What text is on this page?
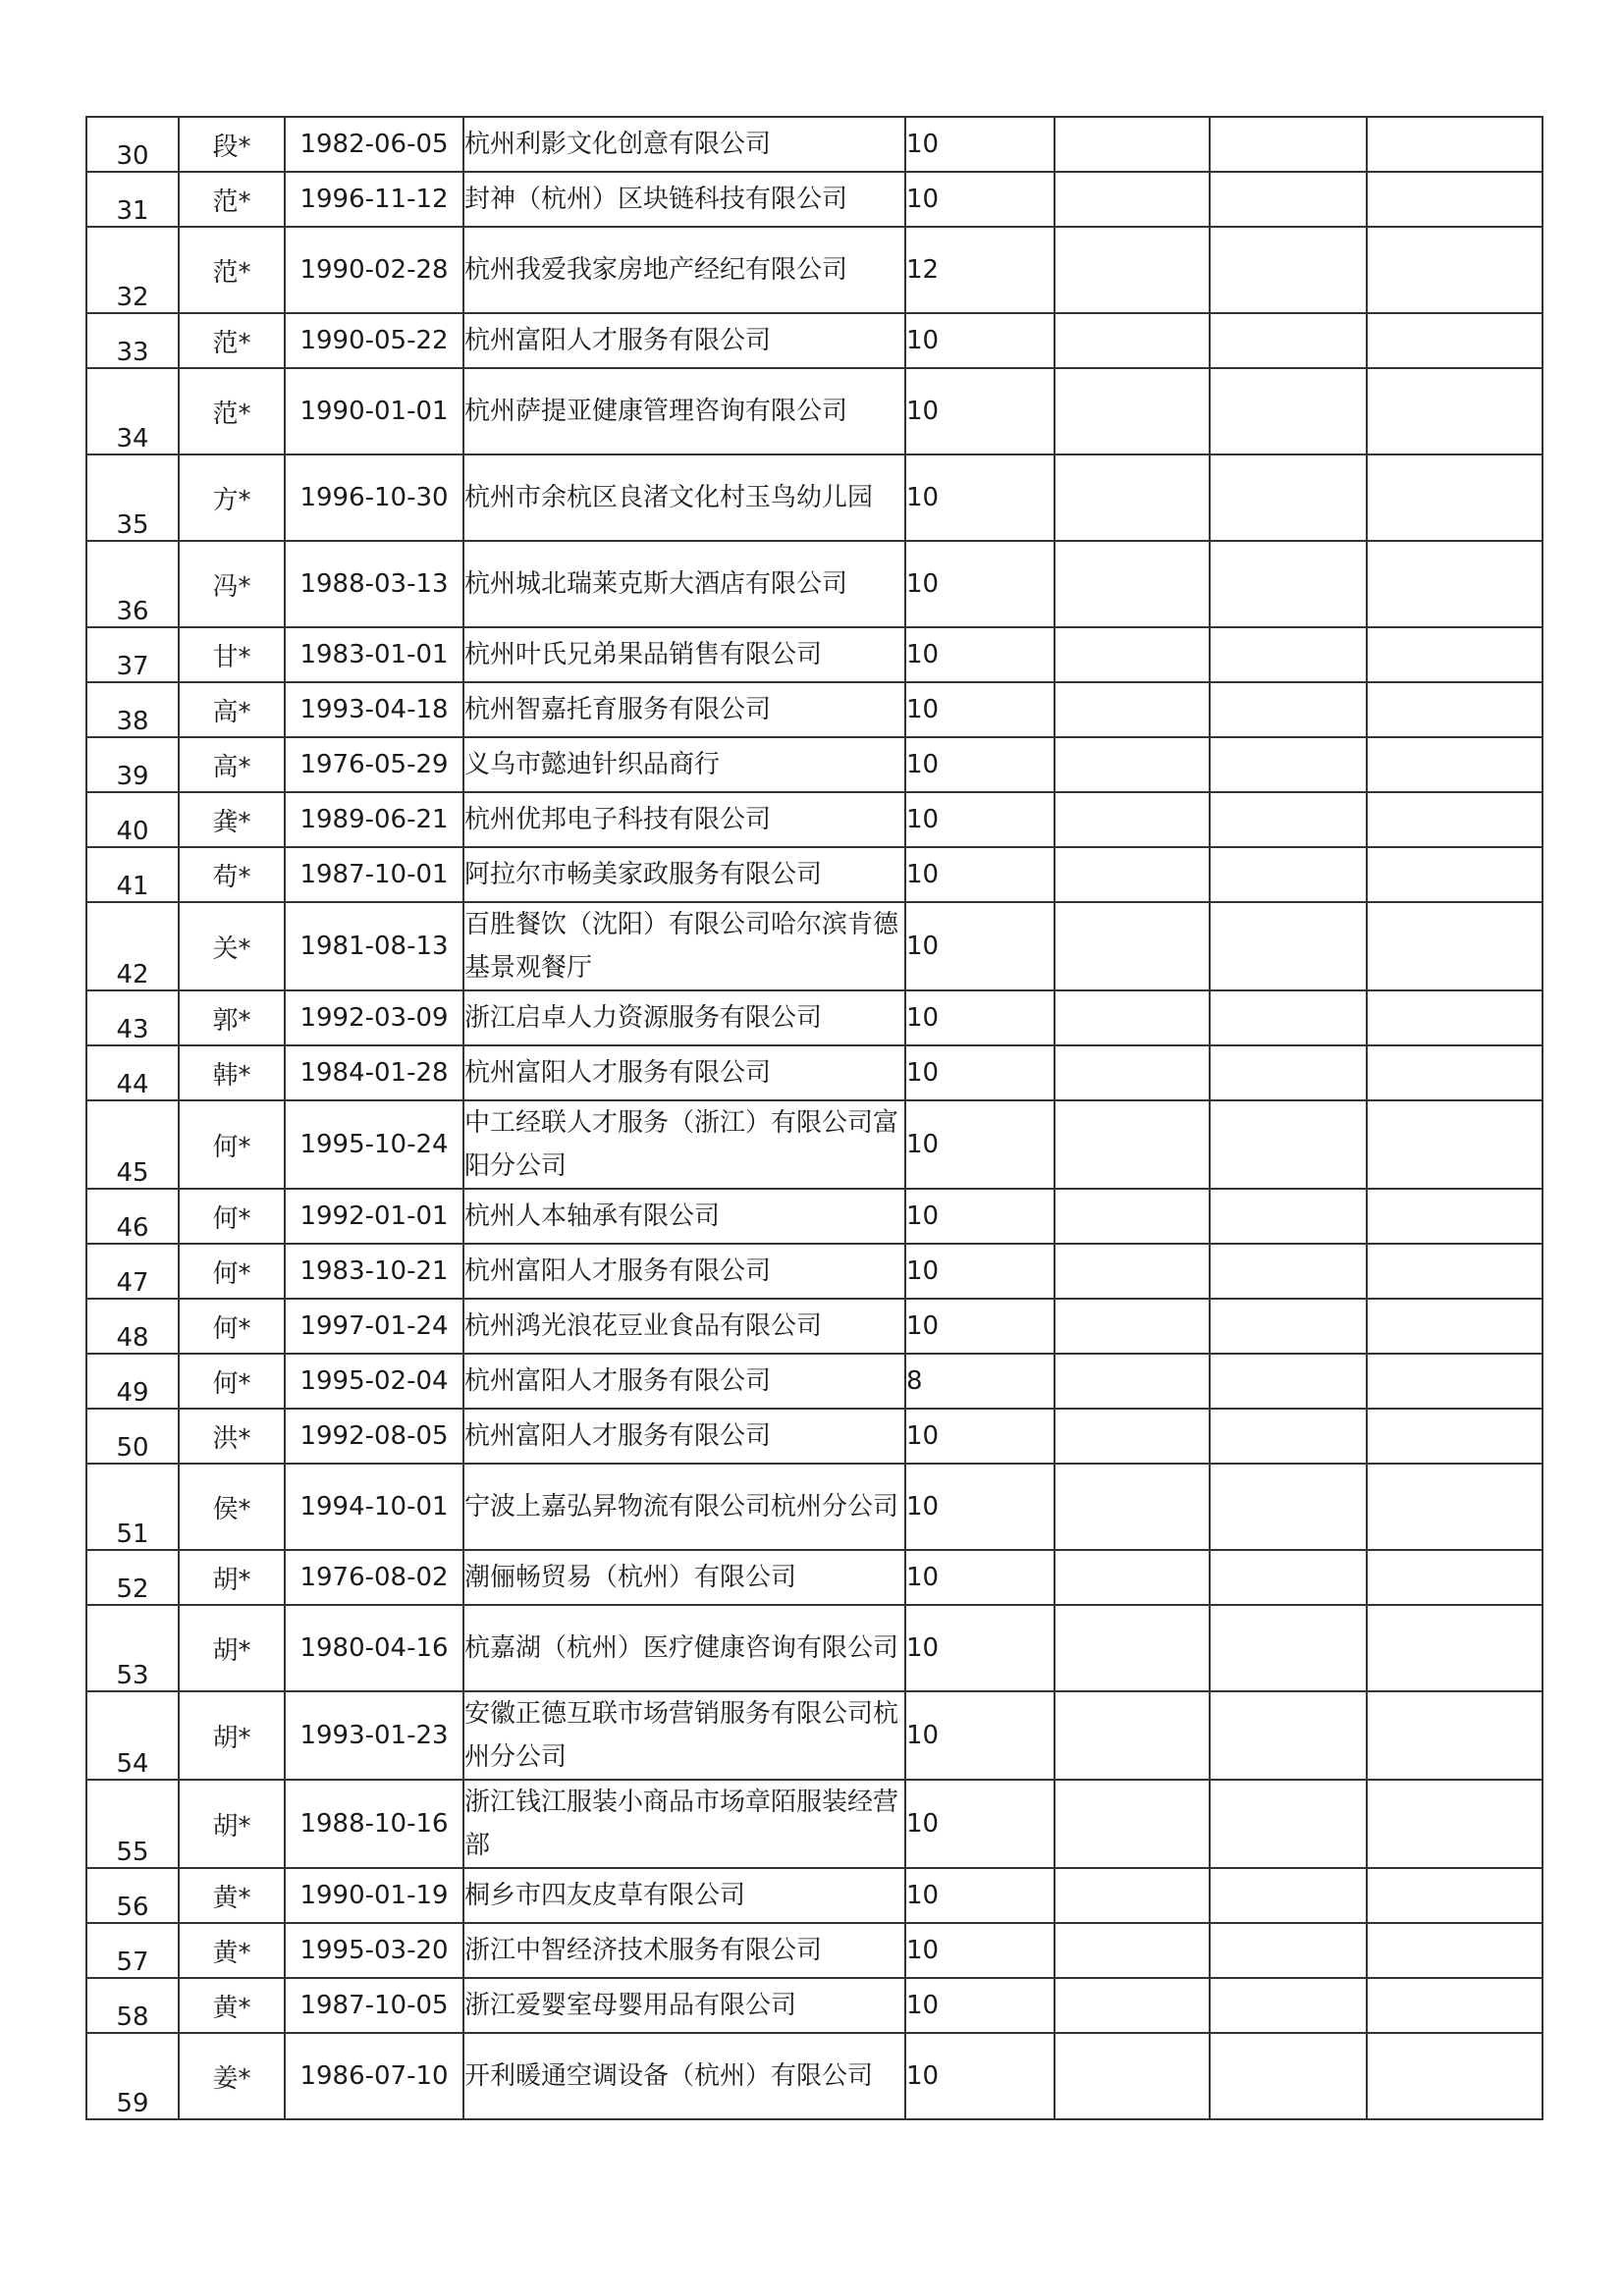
30	段*	1982-06-05	杭州利影文化创意有限公司	10			
31	范*	1996-11-12	封神（杭州）区块链科技有限公司	10			
32	范*	1990-02-28	杭州我爱我家房地产经纪有限公司	12			
33	范*	1990-05-22	杭州富阳人才服务有限公司	10			
34	范*	1990-01-01	杭州萨提亚健康管理咨询有限公司	10			
35	方*	1996-10-30	杭州市余杭区良渚文化村玉鸟幼儿园	10			
36	冯*	1988-03-13	杭州城北瑞莱克斯大酒店有限公司	10			
37	甘*	1983-01-01	杭州叶氏兄弟果品销售有限公司	10			
38	高*	1993-04-18	杭州智嘉托育服务有限公司	10			
39	高*	1976-05-29	义乌市懿迪针织品商行	10			
40	龚*	1989-06-21	杭州优邦电子科技有限公司	10			
41	苟*	1987-10-01	阿拉尔市畅美家政服务有限公司	10			
42	关*	1981-08-13	百胜餐饮（沈阳）有限公司哈尔滨肯德基景观餐厅	10			
43	郭*	1992-03-09	浙江启卓人力资源服务有限公司	10			
44	韩*	1984-01-28	杭州富阳人才服务有限公司	10			
45	何*	1995-10-24	中工经联人才服务（浙江）有限公司富阳分公司	10			
46	何*	1992-01-01	杭州人本轴承有限公司	10			
47	何*	1983-10-21	杭州富阳人才服务有限公司	10			
48	何*	1997-01-24	杭州鸿光浪花豆业食品有限公司	10			
49	何*	1995-02-04	杭州富阳人才服务有限公司	8			
50	洪*	1992-08-05	杭州富阳人才服务有限公司	10			
51	侯*	1994-10-01	宁波上嘉弘昇物流有限公司杭州分公司	10			
52	胡*	1976-08-02	潮俪畅贸易（杭州）有限公司	10			
53	胡*	1980-04-16	杭嘉湖（杭州）医疗健康咨询有限公司	10			
54	胡*	1993-01-23	安徽正德互联市场营销服务有限公司杭州分公司	10			
55	胡*	1988-10-16	浙江钱江服装小商品市场章陌服装经营部	10			
56	黄*	1990-01-19	桐乡市四友皮草有限公司	10			
57	黄*	1995-03-20	浙江中智经济技术服务有限公司	10			
58	黄*	1987-10-05	浙江爱婴室母婴用品有限公司	10			
59	姜*	1986-07-10	开利暖通空调设备（杭州）有限公司	10			
